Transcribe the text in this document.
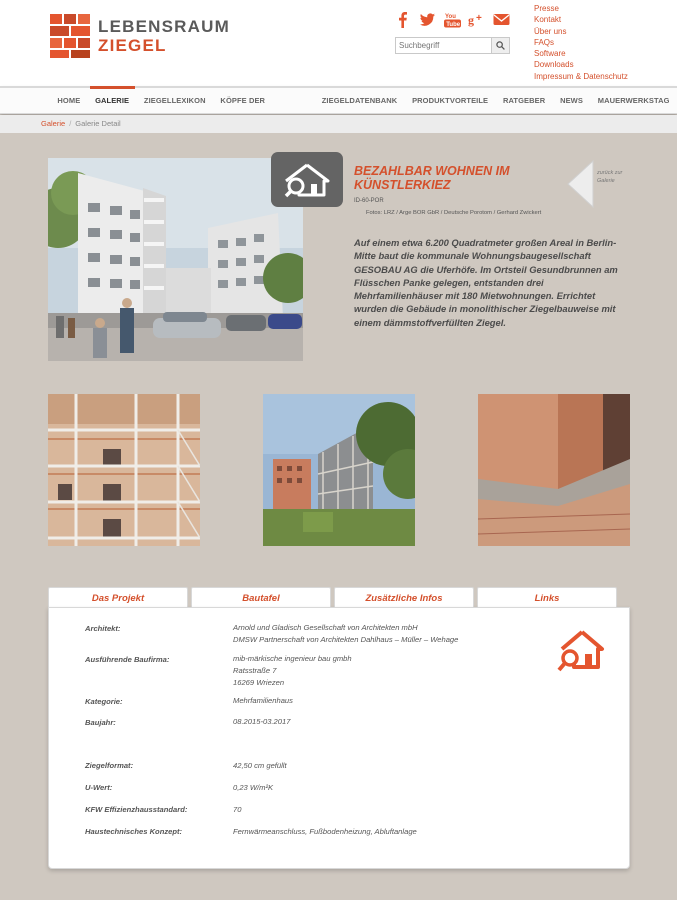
LEBENSRAUM
ZIEGEL
You
Tube g +
Suchbegriff
Presse
Kontakt
Über uns
FAQs
Software
Downloads
Impressum & Datenschutz
HOME	GALERIE	ZIEGELLEXIKON	KÖPFE DER	ZIEGELDATENBANK	PRODUKTVORTEILE	RATGEBER	NEWS	MAUERWERKSTAG
Galerie / Galerie Detail
BEZAHLBAR WOHNEN IM KÜNSTLERKIEZ
ID-60-POR
Fotos: LRZ / Arge BOR GbR / Deutsche Porotom / Gerhard Zwickert
zurück zur Galerie
Auf einem etwa 6.200 Quadratmeter großen Areal in Berlin-Mitte baut die kommunale Wohnungsbaugesellschaft GESOBAU AG die Uferhöfe. Im Ortsteil Gesundbrunnen am Flüsschen Panke gelegen, entstanden drei Mehrfamilienhäuser mit 180 Mietwohnungen. Errichtet wurden die Gebäude in monolithischer Ziegelbauweise mit einem dämmstoffverfüllten Ziegel.
Das Projekt	Bautafel	Zusätzliche Infos	Links
Architekt:	Arnold und Gladisch Gesellschaft von Architekten mbH
DMSW Partnerschaft von Architekten Dahlhaus – Müller – Wehage
Ausführende Baufirma:	mib-märkische ingenieur bau gmbh
Ratsstraße 7
16269 Wriezen
Kategorie:	Mehrfamilienhaus
Baujahr:	08.2015-03.2017
Ziegelformat:	42,50 cm gefüllt
U-Wert:	0,23 W/m²K
KFW Effizienzhausstandard:	70
Haustechnisches Konzept:	Fernwärmeanschluss, Fußbodenheizung, Abluftanlage
